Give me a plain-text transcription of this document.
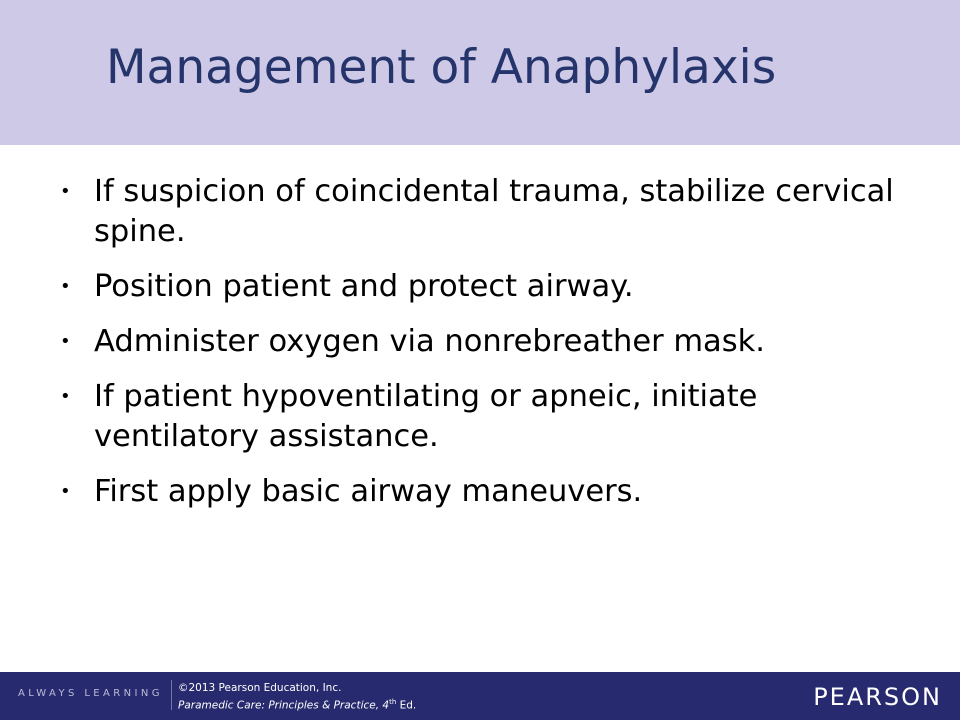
Management of Anaphylaxis
• If suspicion of coincidental trauma, stabilize cervical spine.
• Position patient and protect airway.
• Administer oxygen via nonrebreather mask.
• If patient hypoventilating or apneic, initiate ventilatory assistance.
• First apply basic airway maneuvers.
ALWAYS LEARNING ©2013 Pearson Education, Inc.
Paramedic Care: Principles & Practice, 4th Ed.	PEARSON
